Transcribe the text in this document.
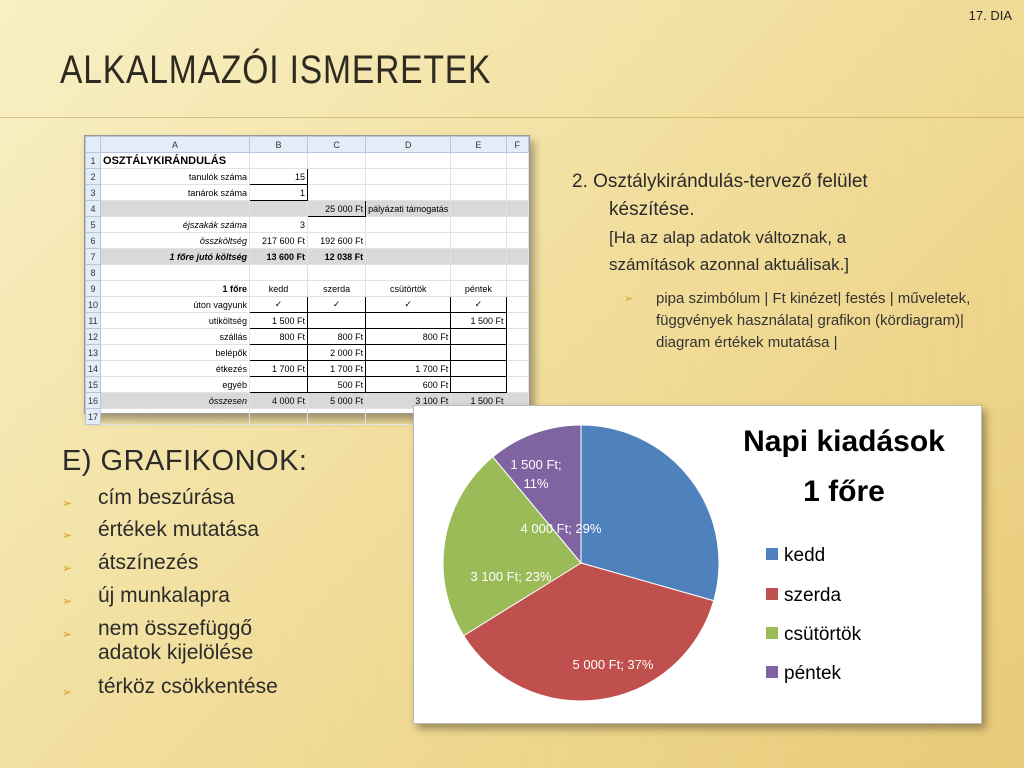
17. DIA
ALKALMAZÓI ISMERETEK
	A	B	C	D	E	F
1	OSZTÁLYKIRÁNDULÁS					
2	tanulók száma	15				
3	tanárok száma	1				
4			25 000 Ft	pályázati támogatás		
5	éjszakák száma	3				
6	összköltség	217 600 Ft	192 600 Ft			
7	1 főre jutó költség	13 600 Ft	12 038 Ft			
8						
9	1 főre	kedd	szerda	csütörtök	péntek	
10	úton vagyunk	✓	✓	✓	✓	
11	utiköltség	1 500 Ft			1 500 Ft	
12	szállás	800 Ft	800 Ft	800 Ft		
13	belépők		2 000 Ft			
14	étkezés	1 700 Ft	1 700 Ft	1 700 Ft		
15	egyéb		500 Ft	600 Ft		
16	összesen	4 000 Ft	5 000 Ft	3 100 Ft	1 500 Ft	
17						
2. Osztálykirándulás-tervező felület
készítése.
[Ha az alap adatok változnak, a
számítások azonnal aktuálisak.]
➢ pipa szimbólum | Ft kinézet| festés | műveletek, függvények használata| grafikon (kördiagram)| diagram értékek mutatása |
E) GRAFIKONOK:
➢ cím beszúrása
➢ értékek mutatása
➢ átszínezés
➢ új munkalapra
➢ nem összefüggő adatok kijelölése
➢ térköz csökkentése
4 000 Ft; 29%
5 000 Ft; 37%
3 100 Ft; 23%
1 500 Ft; 11%
Napi kiadások
1 főre
kedd
szerda
csütörtök
péntek
